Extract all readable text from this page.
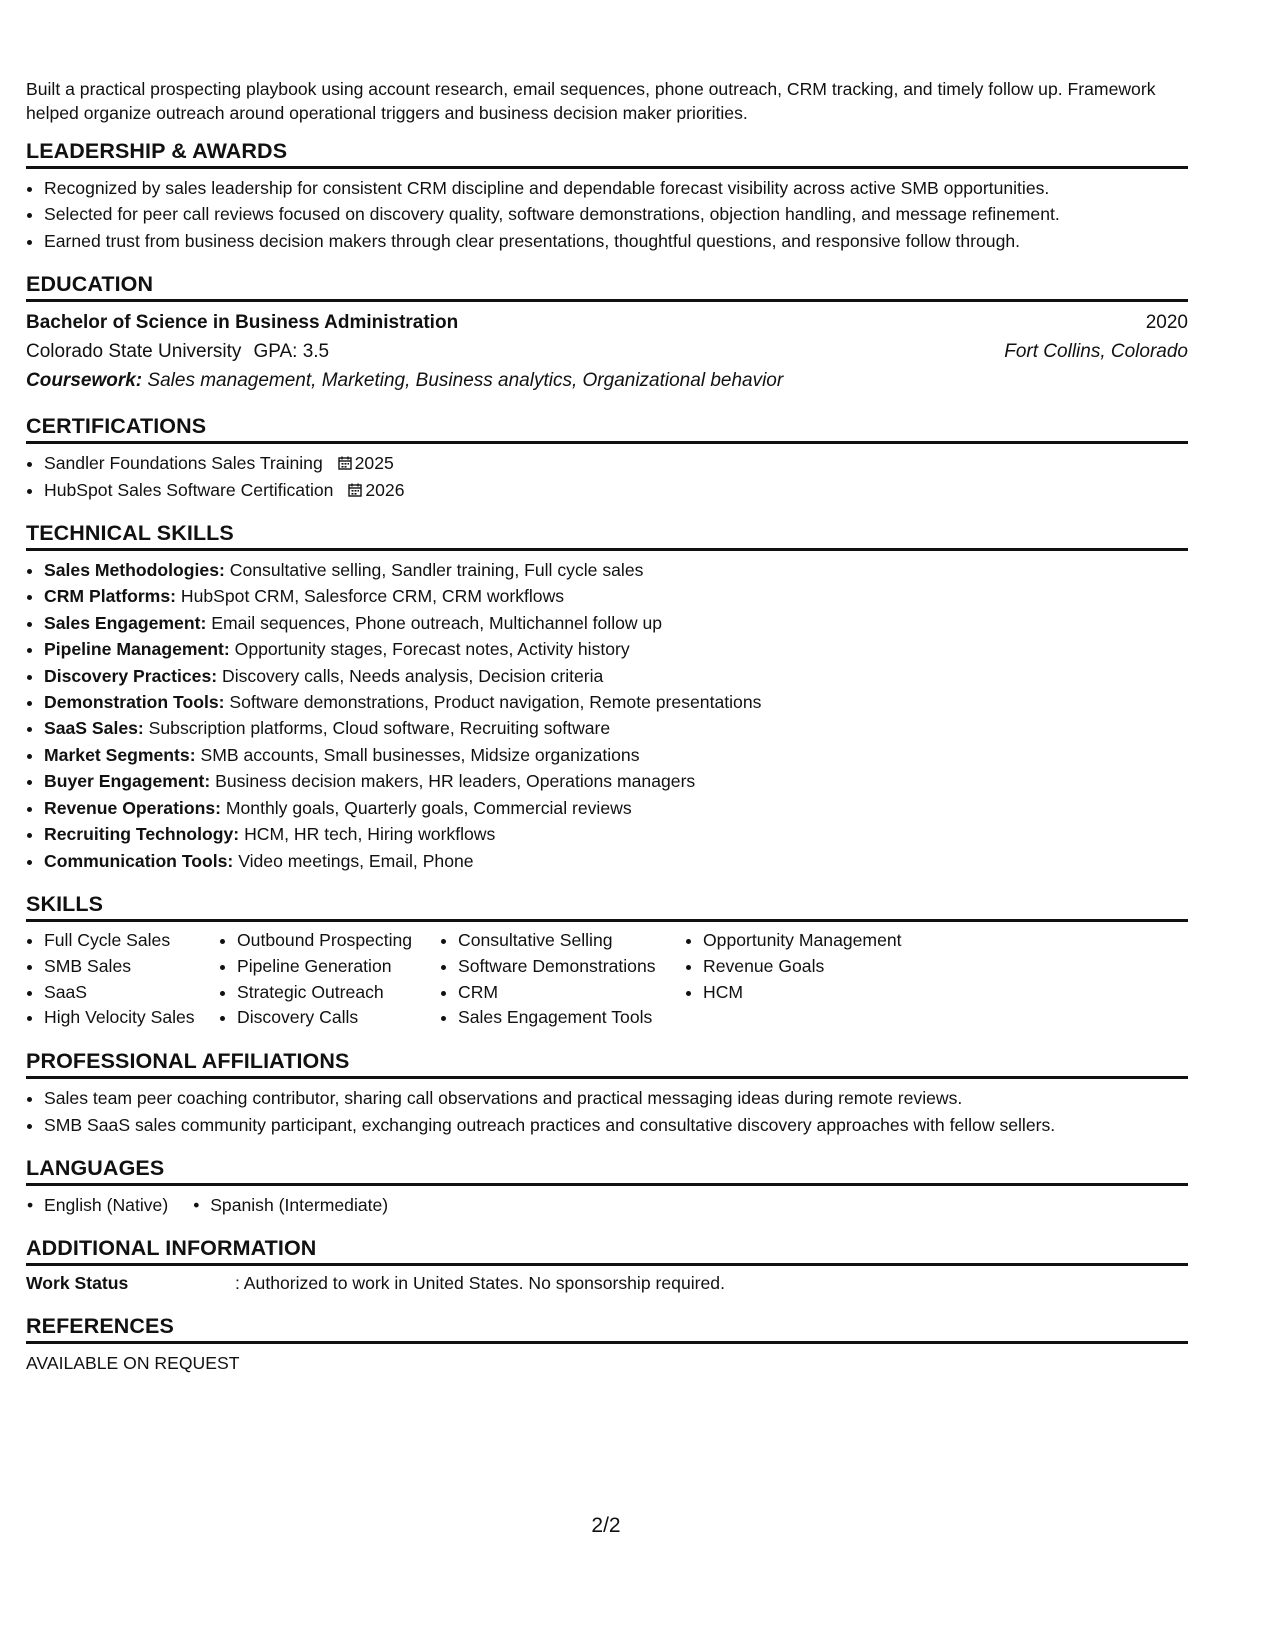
Built a practical prospecting playbook using account research, email sequences, phone outreach, CRM tracking, and timely follow up. Framework helped organize outreach around operational triggers and business decision maker priorities.

LEADERSHIP & AWARDS
• Recognized by sales leadership for consistent CRM discipline and dependable forecast visibility across active SMB opportunities.
• Selected for peer call reviews focused on discovery quality, software demonstrations, objection handling, and message refinement.
• Earned trust from business decision makers through clear presentations, thoughtful questions, and responsive follow through.
EDUCATION
Bachelor of Science in Business Administration	2020
Colorado State University GPA: 3.5	Fort Collins, Colorado
Coursework: Sales management, Marketing, Business analytics, Organizational behavior
CERTIFICATIONS
• Sandler Foundations Sales Training 2025
• HubSpot Sales Software Certification 2026
TECHNICAL SKILLS
• Sales Methodologies: Consultative selling, Sandler training, Full cycle sales
• CRM Platforms: HubSpot CRM, Salesforce CRM, CRM workflows
• Sales Engagement: Email sequences, Phone outreach, Multichannel follow up
• Pipeline Management: Opportunity stages, Forecast notes, Activity history
• Discovery Practices: Discovery calls, Needs analysis, Decision criteria
• Demonstration Tools: Software demonstrations, Product navigation, Remote presentations
• SaaS Sales: Subscription platforms, Cloud software, Recruiting software
• Market Segments: SMB accounts, Small businesses, Midsize organizations
• Buyer Engagement: Business decision makers, HR leaders, Operations managers
• Revenue Operations: Monthly goals, Quarterly goals, Commercial reviews
• Recruiting Technology: HCM, HR tech, Hiring workflows
• Communication Tools: Video meetings, Email, Phone
SKILLS
• Full Cycle Sales
• SMB Sales
• SaaS
• High Velocity Sales
• Outbound Prospecting
• Pipeline Generation
• Strategic Outreach
• Discovery Calls
• Consultative Selling
• Software Demonstrations
• CRM
• Sales Engagement Tools
• Opportunity Management
• Revenue Goals
• HCM
PROFESSIONAL AFFILIATIONS
• Sales team peer coaching contributor, sharing call observations and practical messaging ideas during remote reviews.
• SMB SaaS sales community participant, exchanging outreach practices and consultative discovery approaches with fellow sellers.
LANGUAGES
• English (Native)
• Spanish (Intermediate)
ADDITIONAL INFORMATION
Work Status	: Authorized to work in United States. No sponsorship required.
REFERENCES

AVAILABLE ON REQUEST

2/2
